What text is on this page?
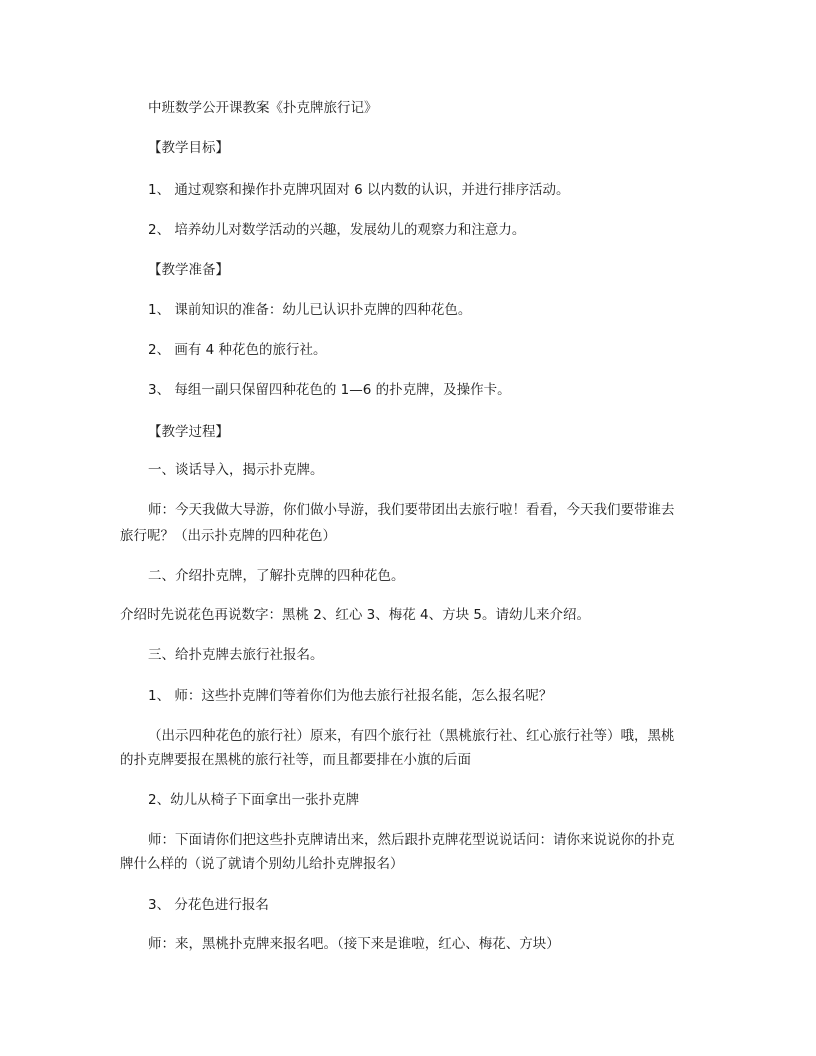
中班数学公开课教案《扑克牌旅行记》
【教学目标】
1、 通过观察和操作扑克牌巩固对 6 以内数的认识，并进行排序活动。
2、 培养幼儿对数学活动的兴趣，发展幼儿的观察力和注意力。
【教学准备】
1、 课前知识的准备：幼儿已认识扑克牌的四种花色。
2、 画有 4 种花色的旅行社。
3、 每组一副只保留四种花色的 1—6 的扑克牌，及操作卡。
【教学过程】
一、谈话导入，揭示扑克牌。
师：今天我做大导游，你们做小导游，我们要带团出去旅行啦！看看，今天我们要带谁去
旅行呢？（出示扑克牌的四种花色）
二、介绍扑克牌，了解扑克牌的四种花色。
介绍时先说花色再说数字：黑桃 2、红心 3、梅花 4、方块 5。请幼儿来介绍。
三、给扑克牌去旅行社报名。
1、 师：这些扑克牌们等着你们为他去旅行社报名能，怎么报名呢？
（出示四种花色的旅行社）原来，有四个旅行社（黑桃旅行社、红心旅行社等）哦，黑桃
的扑克牌要报在黑桃的旅行社等，而且都要排在小旗的后面
2、幼儿从椅子下面拿出一张扑克牌
师：下面请你们把这些扑克牌请出来，然后跟扑克牌花型说说话问：请你来说说你的扑克
牌什么样的（说了就请个别幼儿给扑克牌报名）
3、 分花色进行报名
师：来，黑桃扑克牌来报名吧。（接下来是谁啦，红心、梅花、方块）
